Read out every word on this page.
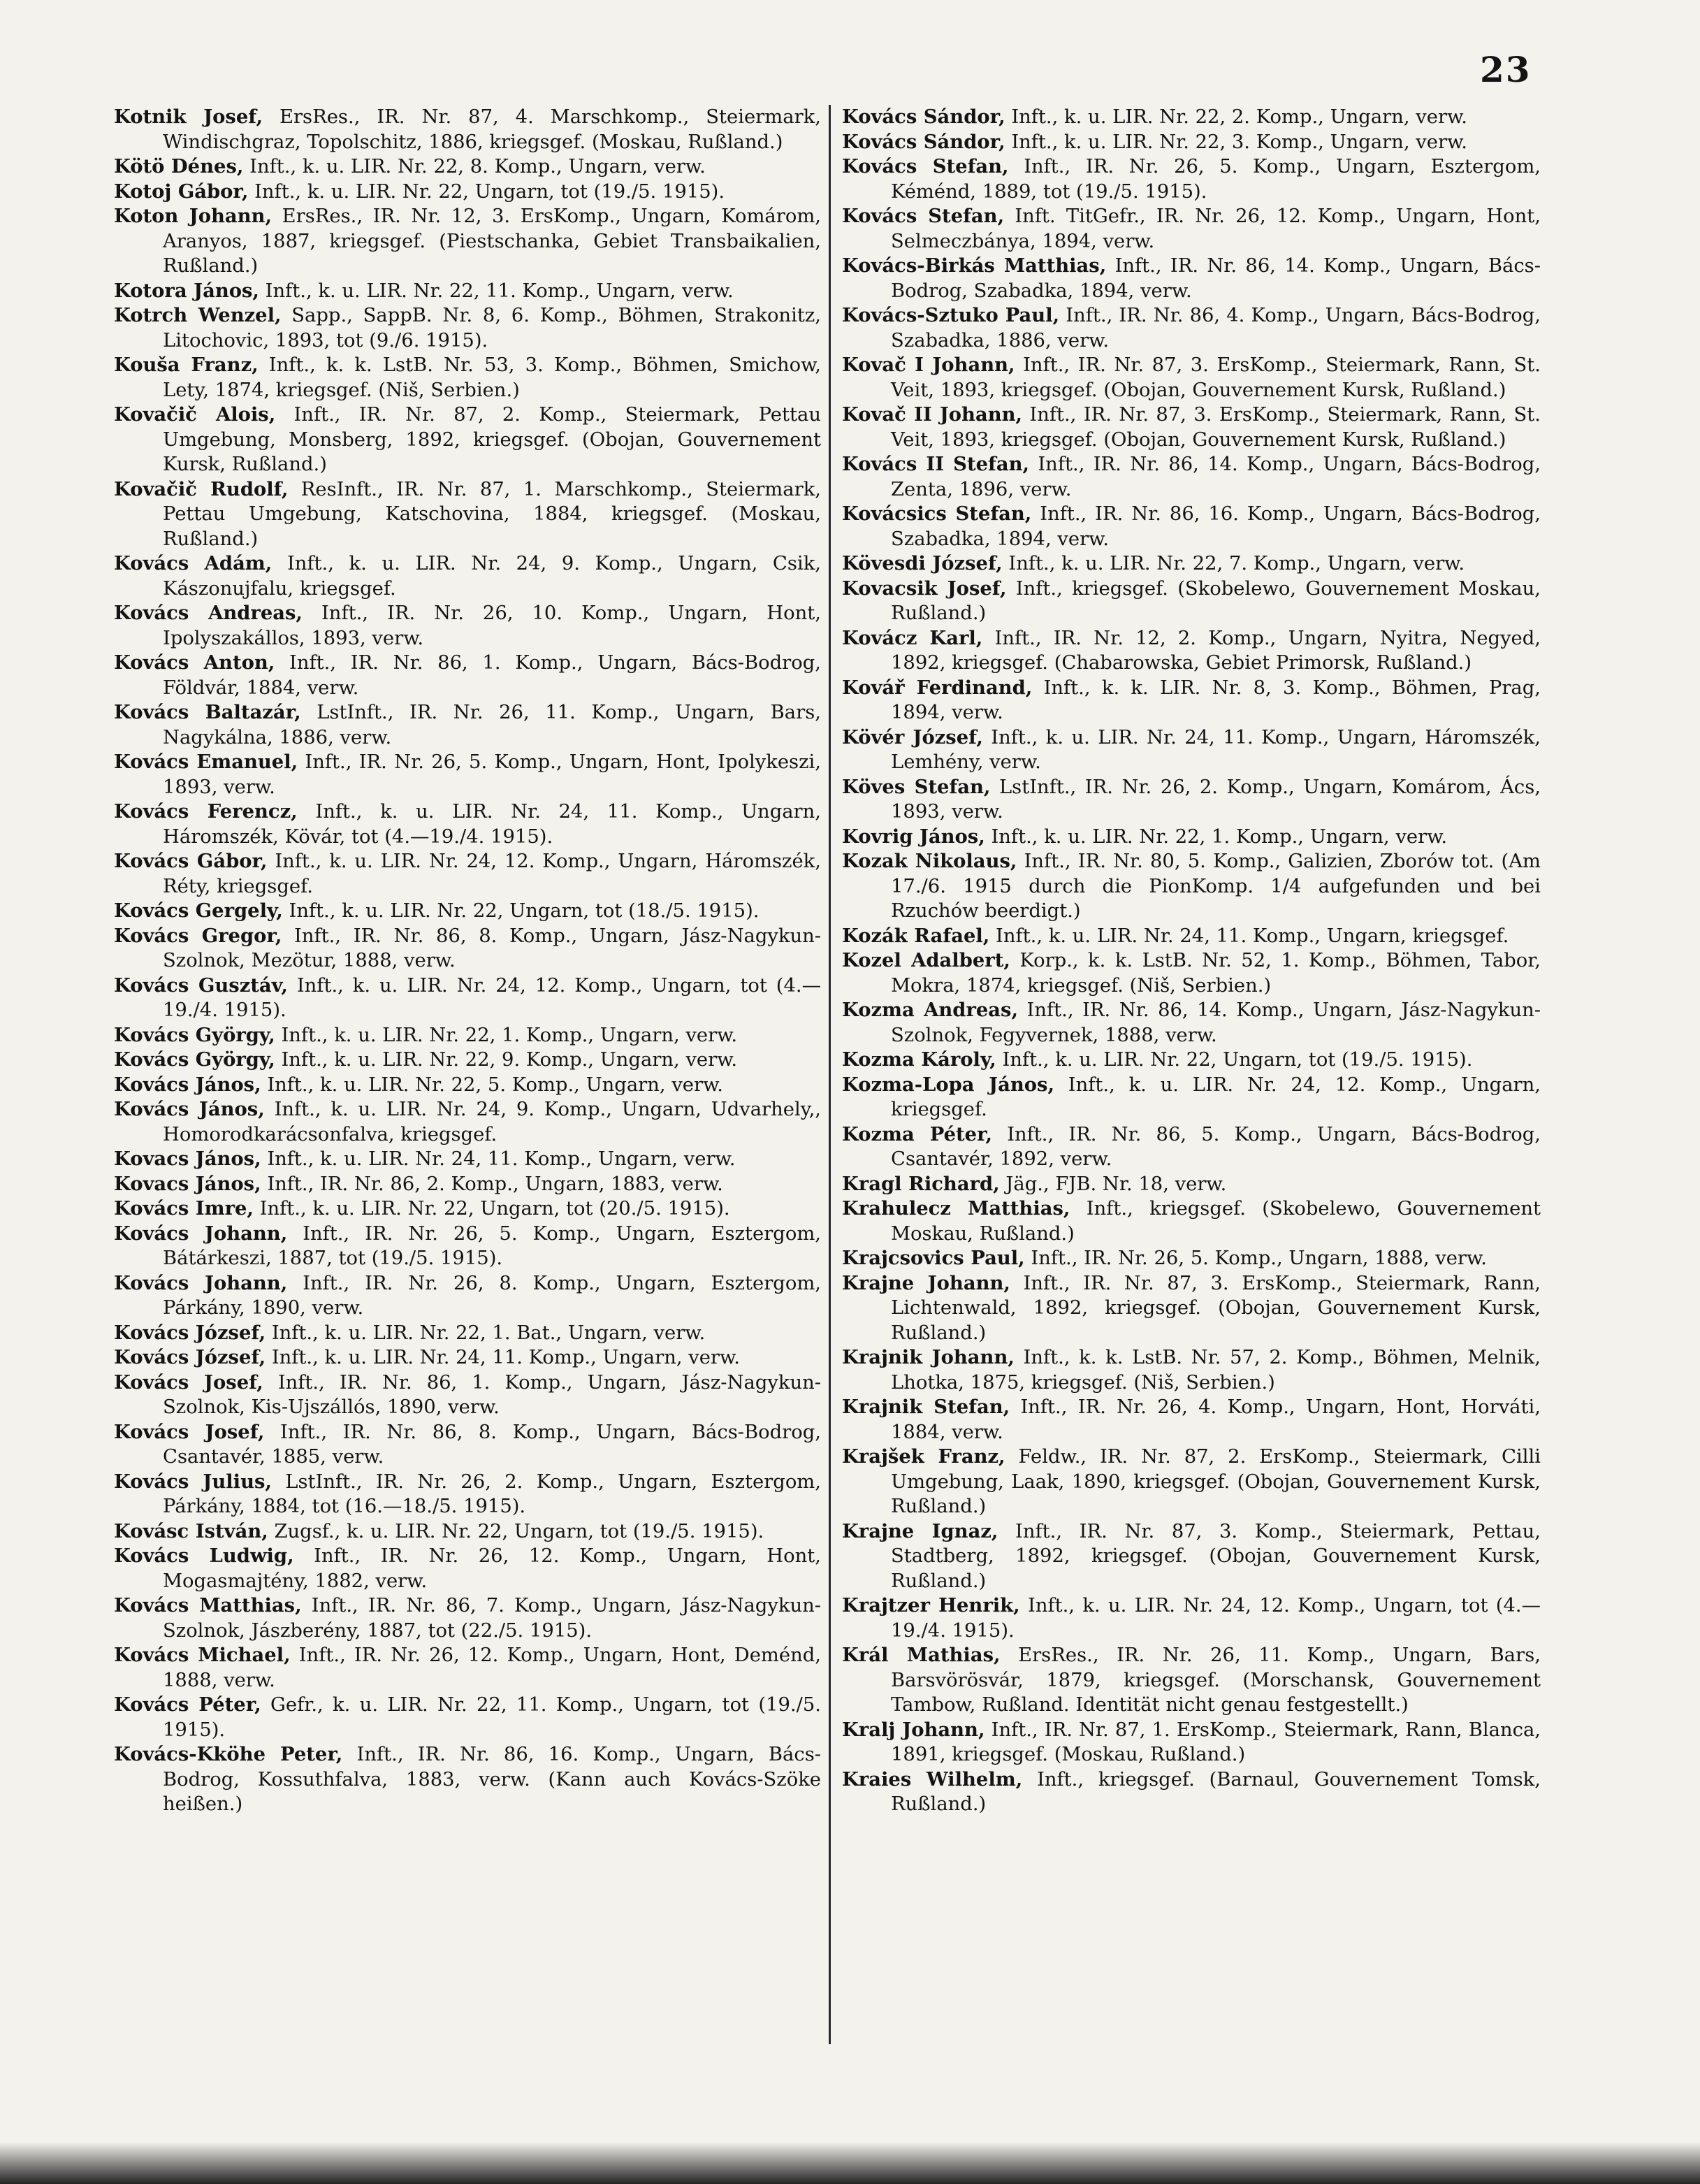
23

Kotnik Josef, ErsRes., IR. Nr. 87, 4. Marschkomp., Steiermark, Windischgraz, Topolschitz, 1886, kriegsgef. (Moskau, Rußland.)

Kötö Dénes, Inft., k. u. LIR. Nr. 22, 8. Komp., Ungarn, verw.

Kotoj Gábor, Inft., k. u. LIR. Nr. 22, Ungarn, tot (19./5. 1915).

Koton Johann, ErsRes., IR. Nr. 12, 3. ErsKomp., Ungarn, Komárom, Aranyos, 1887, kriegsgef. (Piestschanka, Gebiet Transbaikalien, Rußland.)

Kotora János, Inft., k. u. LIR. Nr. 22, 11. Komp., Ungarn, verw.

Kotrch Wenzel, Sapp., SappB. Nr. 8, 6. Komp., Böhmen, Strakonitz, Litochovic, 1893, tot (9./6. 1915).

Kouša Franz, Inft., k. k. LstB. Nr. 53, 3. Komp., Böhmen, Smichow, Lety, 1874, kriegsgef. (Niš, Serbien.)

Kovačič Alois, Inft., IR. Nr. 87, 2. Komp., Steiermark, Pettau Umgebung, Monsberg, 1892, kriegsgef. (Obojan, Gouvernement Kursk, Rußland.)

Kovačič Rudolf, ResInft., IR. Nr. 87, 1. Marschkomp., Steiermark, Pettau Umgebung, Katschovina, 1884, kriegsgef. (Moskau, Rußland.)

Kovács Adám, Inft., k. u. LIR. Nr. 24, 9. Komp., Ungarn, Csik, Kászonujfalu, kriegsgef.

Kovács Andreas, Inft., IR. Nr. 26, 10. Komp., Ungarn, Hont, Ipolyszakállos, 1893, verw.

Kovács Anton, Inft., IR. Nr. 86, 1. Komp., Ungarn, Bács-Bodrog, Földvár, 1884, verw.

Kovács Baltazár, LstInft., IR. Nr. 26, 11. Komp., Ungarn, Bars, Nagykálna, 1886, verw.

Kovács Emanuel, Inft., IR. Nr. 26, 5. Komp., Ungarn, Hont, Ipolykeszi, 1893, verw.

Kovács Ferencz, Inft., k. u. LIR. Nr. 24, 11. Komp., Ungarn, Háromszék, Kövár, tot (4.—19./4. 1915).

Kovács Gábor, Inft., k. u. LIR. Nr. 24, 12. Komp., Ungarn, Háromszék, Réty, kriegsgef.

Kovács Gergely, Inft., k. u. LIR. Nr. 22, Ungarn, tot (18./5. 1915).

Kovács Gregor, Inft., IR. Nr. 86, 8. Komp., Ungarn, Jász-Nagykun-Szolnok, Mezötur, 1888, verw.

Kovács Gusztáv, Inft., k. u. LIR. Nr. 24, 12. Komp., Ungarn, tot (4.—19./4. 1915).

Kovács György, Inft., k. u. LIR. Nr. 22, 1. Komp., Ungarn, verw.

Kovács György, Inft., k. u. LIR. Nr. 22, 9. Komp., Ungarn, verw.

Kovács János, Inft., k. u. LIR. Nr. 22, 5. Komp., Ungarn, verw.

Kovács János, Inft., k. u. LIR. Nr. 24, 9. Komp., Ungarn, Udvarhely,, Homorodkarácsonfalva, kriegsgef.

Kovacs János, Inft., k. u. LIR. Nr. 24, 11. Komp., Ungarn, verw.

Kovacs János, Inft., IR. Nr. 86, 2. Komp., Ungarn, 1883, verw.

Kovács Imre, Inft., k. u. LIR. Nr. 22, Ungarn, tot (20./5. 1915).

Kovács Johann, Inft., IR. Nr. 26, 5. Komp., Ungarn, Esztergom, Bátárkeszi, 1887, tot (19./5. 1915).

Kovács Johann, Inft., IR. Nr. 26, 8. Komp., Ungarn, Esztergom, Párkány, 1890, verw.

Kovács József, Inft., k. u. LIR. Nr. 22, 1. Bat., Ungarn, verw.

Kovács József, Inft., k. u. LIR. Nr. 24, 11. Komp., Ungarn, verw.

Kovács Josef, Inft., IR. Nr. 86, 1. Komp., Ungarn, Jász-Nagykun-Szolnok, Kis-Ujszállós, 1890, verw.

Kovács Josef, Inft., IR. Nr. 86, 8. Komp., Ungarn, Bács-Bodrog, Csantavér, 1885, verw.

Kovács Julius, LstInft., IR. Nr. 26, 2. Komp., Ungarn, Esztergom, Párkány, 1884, tot (16.—18./5. 1915).

Kovásc István, Zugsf., k. u. LIR. Nr. 22, Ungarn, tot (19./5. 1915).

Kovács Ludwig, Inft., IR. Nr. 26, 12. Komp., Ungarn, Hont, Mogasmajtény, 1882, verw.

Kovács Matthias, Inft., IR. Nr. 86, 7. Komp., Ungarn, Jász-Nagykun-Szolnok, Jászberény, 1887, tot (22./5. 1915).

Kovács Michael, Inft., IR. Nr. 26, 12. Komp., Ungarn, Hont, Deménd, 1888, verw.

Kovács Péter, Gefr., k. u. LIR. Nr. 22, 11. Komp., Ungarn, tot (19./5. 1915).

Kovács-Kköhe Peter, Inft., IR. Nr. 86, 16. Komp., Ungarn, Bács-Bodrog, Kossuthfalva, 1883, verw. (Kann auch Kovács-Szöke heißen.)

Kovács Sándor, Inft., k. u. LIR. Nr. 22, 2. Komp., Ungarn, verw.

Kovács Sándor, Inft., k. u. LIR. Nr. 22, 3. Komp., Ungarn, verw.

Kovács Stefan, Inft., IR. Nr. 26, 5. Komp., Ungarn, Esztergom, Kéménd, 1889, tot (19./5. 1915).

Kovács Stefan, Inft. TitGefr., IR. Nr. 26, 12. Komp., Ungarn, Hont, Selmeczbánya, 1894, verw.

Kovács-Birkás Matthias, Inft., IR. Nr. 86, 14. Komp., Ungarn, Bács-Bodrog, Szabadka, 1894, verw.

Kovács-Sztuko Paul, Inft., IR. Nr. 86, 4. Komp., Ungarn, Bács-Bodrog, Szabadka, 1886, verw.

Kovač I Johann, Inft., IR. Nr. 87, 3. ErsKomp., Steiermark, Rann, St. Veit, 1893, kriegsgef. (Obojan, Gouvernement Kursk, Rußland.)

Kovač II Johann, Inft., IR. Nr. 87, 3. ErsKomp., Steiermark, Rann, St. Veit, 1893, kriegsgef. (Obojan, Gouvernement Kursk, Rußland.)

Kovács II Stefan, Inft., IR. Nr. 86, 14. Komp., Ungarn, Bács-Bodrog, Zenta, 1896, verw.

Kovácsics Stefan, Inft., IR. Nr. 86, 16. Komp., Ungarn, Bács-Bodrog, Szabadka, 1894, verw.

Kövesdi József, Inft., k. u. LIR. Nr. 22, 7. Komp., Ungarn, verw.

Kovacsik Josef, Inft., kriegsgef. (Skobelewo, Gouvernement Moskau, Rußland.)

Kovácz Karl, Inft., IR. Nr. 12, 2. Komp., Ungarn, Nyitra, Negyed, 1892, kriegsgef. (Chabarowska, Gebiet Primorsk, Rußland.)

Kovář Ferdinand, Inft., k. k. LIR. Nr. 8, 3. Komp., Böhmen, Prag, 1894, verw.

Kövér József, Inft., k. u. LIR. Nr. 24, 11. Komp., Ungarn, Háromszék, Lemhény, verw.

Köves Stefan, LstInft., IR. Nr. 26, 2. Komp., Ungarn, Komárom, Ács, 1893, verw.

Kovrig János, Inft., k. u. LIR. Nr. 22, 1. Komp., Ungarn, verw.

Kozak Nikolaus, Inft., IR. Nr. 80, 5. Komp., Galizien, Zborów tot. (Am 17./6. 1915 durch die PionKomp. 1/4 aufgefunden und bei Rzuchów beerdigt.)

Kozák Rafael, Inft., k. u. LIR. Nr. 24, 11. Komp., Ungarn, kriegsgef.

Kozel Adalbert, Korp., k. k. LstB. Nr. 52, 1. Komp., Böhmen, Tabor, Mokra, 1874, kriegsgef. (Niš, Serbien.)

Kozma Andreas, Inft., IR. Nr. 86, 14. Komp., Ungarn, Jász-Nagykun-Szolnok, Fegyvernek, 1888, verw.

Kozma Károly, Inft., k. u. LIR. Nr. 22, Ungarn, tot (19./5. 1915).

Kozma-Lopa János, Inft., k. u. LIR. Nr. 24, 12. Komp., Ungarn, kriegsgef.

Kozma Péter, Inft., IR. Nr. 86, 5. Komp., Ungarn, Bács-Bodrog, Csantavér, 1892, verw.

Kragl Richard, Jäg., FJB. Nr. 18, verw.

Krahulecz Matthias, Inft., kriegsgef. (Skobelewo, Gouvernement Moskau, Rußland.)

Krajcsovics Paul, Inft., IR. Nr. 26, 5. Komp., Ungarn, 1888, verw.

Krajne Johann, Inft., IR. Nr. 87, 3. ErsKomp., Steiermark, Rann, Lichtenwald, 1892, kriegsgef. (Obojan, Gouvernement Kursk, Rußland.)

Krajnik Johann, Inft., k. k. LstB. Nr. 57, 2. Komp., Böhmen, Melnik, Lhotka, 1875, kriegsgef. (Niš, Serbien.)

Krajnik Stefan, Inft., IR. Nr. 26, 4. Komp., Ungarn, Hont, Horváti, 1884, verw.

Krajšek Franz, Feldw., IR. Nr. 87, 2. ErsKomp., Steiermark, Cilli Umgebung, Laak, 1890, kriegsgef. (Obojan, Gouvernement Kursk, Rußland.)

Krajne Ignaz, Inft., IR. Nr. 87, 3. Komp., Steiermark, Pettau, Stadtberg, 1892, kriegsgef. (Obojan, Gouvernement Kursk, Rußland.)

Krajtzer Henrik, Inft., k. u. LIR. Nr. 24, 12. Komp., Ungarn, tot (4.—19./4. 1915).

Král Mathias, ErsRes., IR. Nr. 26, 11. Komp., Ungarn, Bars, Barsvörösvár, 1879, kriegsgef. (Morschansk, Gouvernement Tambow, Rußland. Identität nicht genau festgestellt.)

Kralj Johann, Inft., IR. Nr. 87, 1. ErsKomp., Steiermark, Rann, Blanca, 1891, kriegsgef. (Moskau, Rußland.)

Kraies Wilhelm, Inft., kriegsgef. (Barnaul, Gouvernement Tomsk, Rußland.)
